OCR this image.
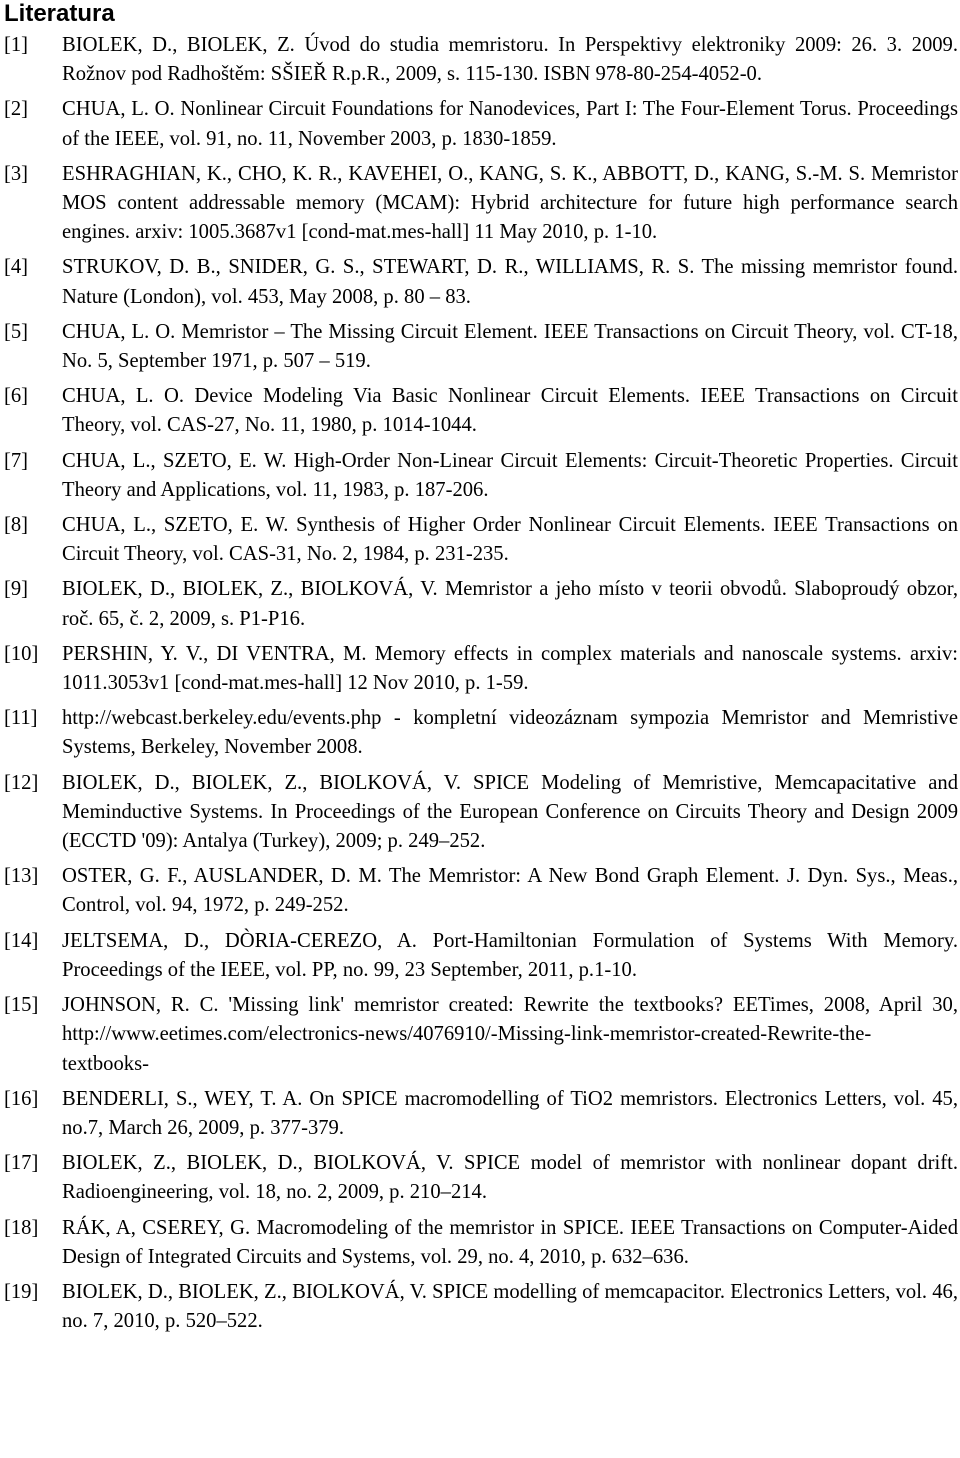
Literatura
[1]	BIOLEK, D., BIOLEK, Z. Úvod do studia memristoru. In Perspektivy elektroniky 2009: 26. 3. 2009. Rožnov pod Radhoštěm: SŠIEŘ R.p.R., 2009, s. 115-130. ISBN 978-80-254-4052-0.
[2]	CHUA, L. O. Nonlinear Circuit Foundations for Nanodevices, Part I: The Four-Element Torus. Proceedings of the IEEE, vol. 91, no. 11, November 2003, p. 1830-1859.
[3]	ESHRAGHIAN, K., CHO, K. R., KAVEHEI, O., KANG, S. K., ABBOTT, D., KANG, S.-M. S. Memristor MOS content addressable memory (MCAM): Hybrid architecture for future high performance search engines. arxiv: 1005.3687v1 [cond-mat.mes-hall] 11 May 2010, p. 1-10.
[4]	STRUKOV, D. B., SNIDER, G. S., STEWART, D. R., WILLIAMS, R. S. The missing memristor found. Nature (London), vol. 453, May 2008, p. 80 – 83.
[5]	CHUA, L. O. Memristor – The Missing Circuit Element. IEEE Transactions on Circuit Theory, vol. CT-18, No. 5, September 1971, p. 507 – 519.
[6]	CHUA, L. O. Device Modeling Via Basic Nonlinear Circuit Elements. IEEE Transactions on Circuit Theory, vol. CAS-27, No. 11, 1980, p. 1014-1044.
[7]	CHUA, L., SZETO, E. W. High-Order Non-Linear Circuit Elements: Circuit-Theoretic Properties. Circuit Theory and Applications, vol. 11, 1983, p. 187-206.
[8]	CHUA, L., SZETO, E. W. Synthesis of Higher Order Nonlinear Circuit Elements. IEEE Transactions on Circuit Theory, vol. CAS-31, No. 2, 1984, p. 231-235.
[9]	BIOLEK, D., BIOLEK, Z., BIOLKOVÁ, V. Memristor a jeho místo v teorii obvodů. Slaboproudý obzor, roč. 65, č. 2, 2009, s. P1-P16.
[10]	PERSHIN, Y. V., DI VENTRA, M. Memory effects in complex materials and nanoscale systems. arxiv: 1011.3053v1 [cond-mat.mes-hall] 12 Nov 2010, p. 1-59.
[11]	http://webcast.berkeley.edu/events.php - kompletní videozáznam sympozia Memristor and Memristive Systems, Berkeley, November 2008.
[12]	BIOLEK, D., BIOLEK, Z., BIOLKOVÁ, V. SPICE Modeling of Memristive, Memcapacitative and Meminductive Systems. In Proceedings of the European Conference on Circuits Theory and Design 2009 (ECCTD '09): Antalya (Turkey), 2009; p. 249–252.
[13]	OSTER, G. F., AUSLANDER, D. M. The Memristor: A New Bond Graph Element. J. Dyn. Sys., Meas., Control, vol. 94, 1972, p. 249-252.
[14]	JELTSEMA, D., DÒRIA-CEREZO, A. Port-Hamiltonian Formulation of Systems With Memory. Proceedings of the IEEE, vol. PP, no. 99, 23 September, 2011, p.1-10.
[15]	JOHNSON, R. C. 'Missing link' memristor created: Rewrite the textbooks? EETimes, 2008, April 30, http://www.eetimes.com/electronics-news/4076910/-Missing-link-memristor-created-Rewrite-the-textbooks-
[16]	BENDERLI, S., WEY, T. A. On SPICE macromodelling of TiO2 memristors. Electronics Letters, vol. 45, no.7, March 26, 2009, p. 377-379.
[17]	BIOLEK, Z., BIOLEK, D., BIOLKOVÁ, V. SPICE model of memristor with nonlinear dopant drift. Radioengineering, vol. 18, no. 2, 2009, p. 210–214.
[18]	RÁK, A, CSEREY, G. Macromodeling of the memristor in SPICE. IEEE Transactions on Computer-Aided Design of Integrated Circuits and Systems, vol. 29, no. 4, 2010, p. 632–636.
[19]	BIOLEK, D., BIOLEK, Z., BIOLKOVÁ, V. SPICE modelling of memcapacitor. Electronics Letters, vol. 46, no. 7, 2010, p. 520–522.
